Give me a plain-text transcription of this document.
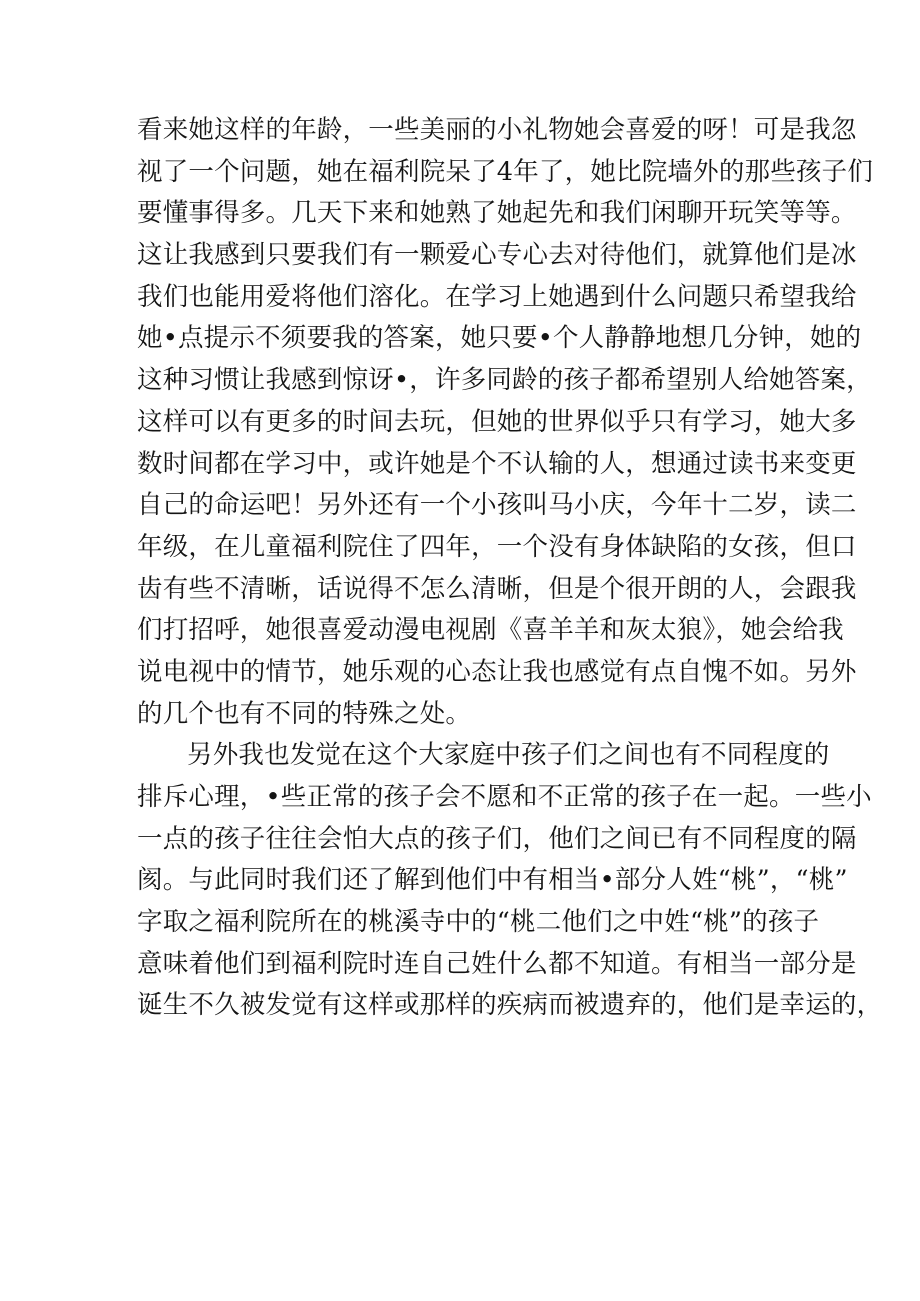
看来她这样的年龄，一些美丽的小礼物她会喜爱的呀！可是我忽
视了一个问题，她在福利院呆了4年了，她比院墙外的那些孩子们
要懂事得多。几天下来和她熟了她起先和我们闲聊开玩笑等等。
这让我感到只要我们有一颗爱心专心去对待他们，就算他们是冰
我们也能用爱将他们溶化。在学习上她遇到什么问题只希望我给
她•点提示不须要我的答案，她只要•个人静静地想几分钟，她的
这种习惯让我感到惊讶•，许多同龄的孩子都希望别人给她答案，
这样可以有更多的时间去玩，但她的世界似乎只有学习，她大多
数时间都在学习中，或许她是个不认输的人，想通过读书来变更
自己的命运吧！另外还有一个小孩叫马小庆，今年十二岁，读二
年级，在儿童福利院住了四年，一个没有身体缺陷的女孩，但口
齿有些不清晰，话说得不怎么清晰，但是个很开朗的人，会跟我
们打招呼，她很喜爱动漫电视剧《喜羊羊和灰太狼》，她会给我
说电视中的情节，她乐观的心态让我也感觉有点自愧不如。另外
的几个也有不同的特殊之处。
另外我也发觉在这个大家庭中孩子们之间也有不同程度的
排斥心理，•些正常的孩子会不愿和不正常的孩子在一起。一些小
一点的孩子往往会怕大点的孩子们，他们之间已有不同程度的隔
阂。与此同时我们还了解到他们中有相当•部分人姓“桃”，“桃”
字取之福利院所在的桃溪寺中的“桃二他们之中姓“桃”的孩子
意味着他们到福利院时连自己姓什么都不知道。有相当一部分是
诞生不久被发觉有这样或那样的疾病而被遗弃的，他们是幸运的，
